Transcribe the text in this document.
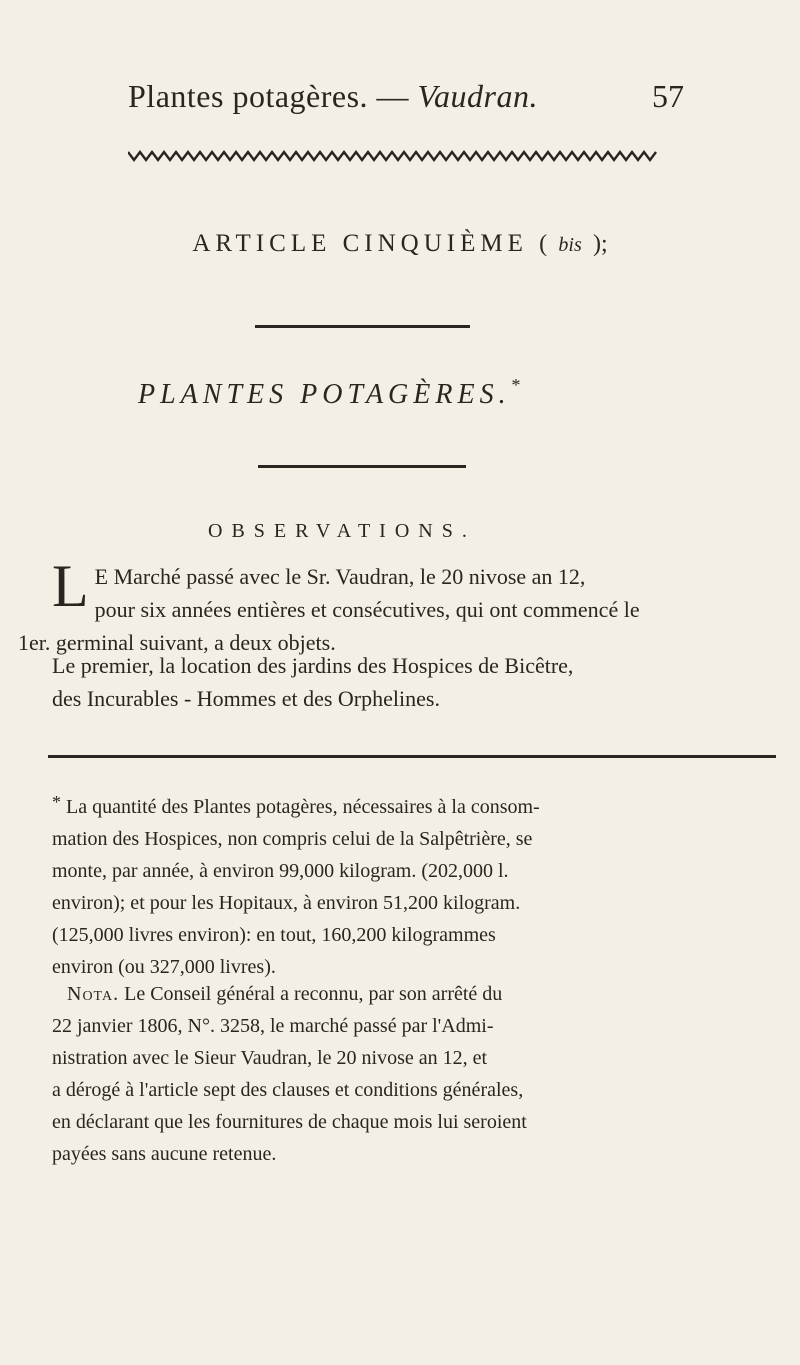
Plantes potagères. — Vaudran.	57
ARTICLE CINQUIÈME ( bis );
PLANTES POTAGÈRES.*
OBSERVATIONS.
L E Marché passé avec le Sr. Vaudran, le 20 nivose an 12,
pour six années entières et consécutives, qui ont commencé le
1er. germinal suivant, a deux objets.
Le premier, la location des jardins des Hospices de Bicêtre,
des Incurables - Hommes et des Orphelines.
* La quantité des Plantes potagères, nécessaires à la consom-
mation des Hospices, non compris celui de la Salpêtrière, se
monte, par année, à environ 99,000 kilogram. (202,000 l.
environ); et pour les Hopitaux, à environ 51,200 kilogram.
(125,000 livres environ): en tout, 160,200 kilogrammes
environ (ou 327,000 livres).
Nota. Le Conseil général a reconnu, par son arrêté du
22 janvier 1806, N°. 3258, le marché passé par l'Admi-
nistration avec le Sieur Vaudran, le 20 nivose an 12, et
a dérogé à l'article sept des clauses et conditions générales,
en déclarant que les fournitures de chaque mois lui seroient
payées sans aucune retenue.
